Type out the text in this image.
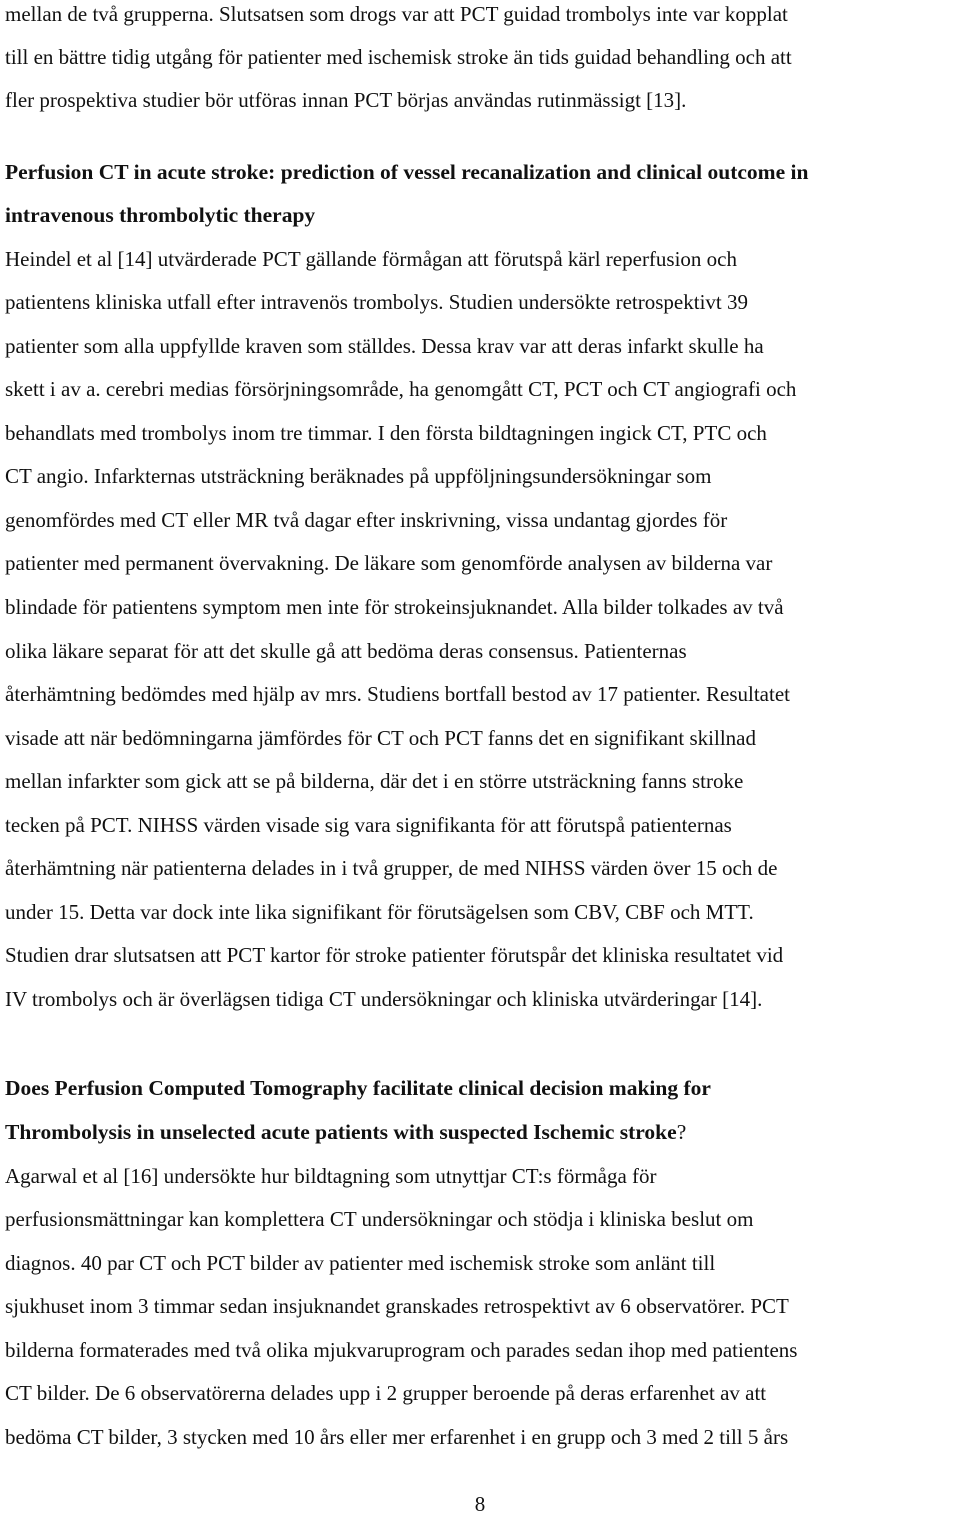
mellan de två grupperna. Slutsatsen som drogs var att PCT guidad trombolys inte var kopplat
till en bättre tidig utgång för patienter med ischemisk stroke än tids guidad behandling och att
fler prospektiva studier bör utföras innan PCT börjas användas rutinmässigt [13].
Perfusion CT in acute stroke: prediction of vessel recanalization and clinical outcome in
intravenous thrombolytic therapy
Heindel et al [14] utvärderade PCT gällande förmågan att förutspå kärl reperfusion och
patientens kliniska utfall efter intravenös trombolys. Studien undersökte retrospektivt 39
patienter som alla uppfyllde kraven som ställdes. Dessa krav var att deras infarkt skulle ha
skett i av a. cerebri medias försörjningsområde, ha genomgått CT, PCT och CT angiografi och
behandlats med trombolys inom tre timmar. I den första bildtagningen ingick CT, PTC och
CT angio. Infarkternas utsträckning beräknades på uppföljningsundersökningar som
genomfördes med CT eller MR två dagar efter inskrivning, vissa undantag gjordes för
patienter med permanent övervakning. De läkare som genomförde analysen av bilderna var
blindade för patientens symptom men inte för strokeinsjuknandet. Alla bilder tolkades av två
olika läkare separat för att det skulle gå att bedöma deras consensus. Patienternas
återhämtning bedömdes med hjälp av mrs. Studiens bortfall bestod av 17 patienter. Resultatet
visade att när bedömningarna jämfördes för CT och PCT fanns det en signifikant skillnad
mellan infarkter som gick att se på bilderna, där det i en större utsträckning fanns stroke
tecken på PCT. NIHSS värden visade sig vara signifikanta för att förutspå patienternas
återhämtning när patienterna delades in i två grupper, de med NIHSS värden över 15 och de
under 15. Detta var dock inte lika signifikant för förutsägelsen som CBV, CBF och MTT.
Studien drar slutsatsen att PCT kartor för stroke patienter förutspår det kliniska resultatet vid
IV trombolys och är överlägsen tidiga CT undersökningar och kliniska utvärderingar [14].
Does Perfusion Computed Tomography facilitate clinical decision making for
Thrombolysis in unselected acute patients with suspected Ischemic stroke?
Agarwal et al [16] undersökte hur bildtagning som utnyttjar CT:s förmåga för
perfusionsmättningar kan komplettera CT undersökningar och stödja i kliniska beslut om
diagnos. 40 par CT och PCT bilder av patienter med ischemisk stroke som anlänt till
sjukhuset inom 3 timmar sedan insjuknandet granskades retrospektivt av 6 observatörer. PCT
bilderna formaterades med två olika mjukvaruprogram och parades sedan ihop med patientens
CT bilder. De 6 observatörerna delades upp i 2 grupper beroende på deras erfarenhet av att
bedöma CT bilder, 3 stycken med 10 års eller mer erfarenhet i en grupp och 3 med 2 till 5 års
8
